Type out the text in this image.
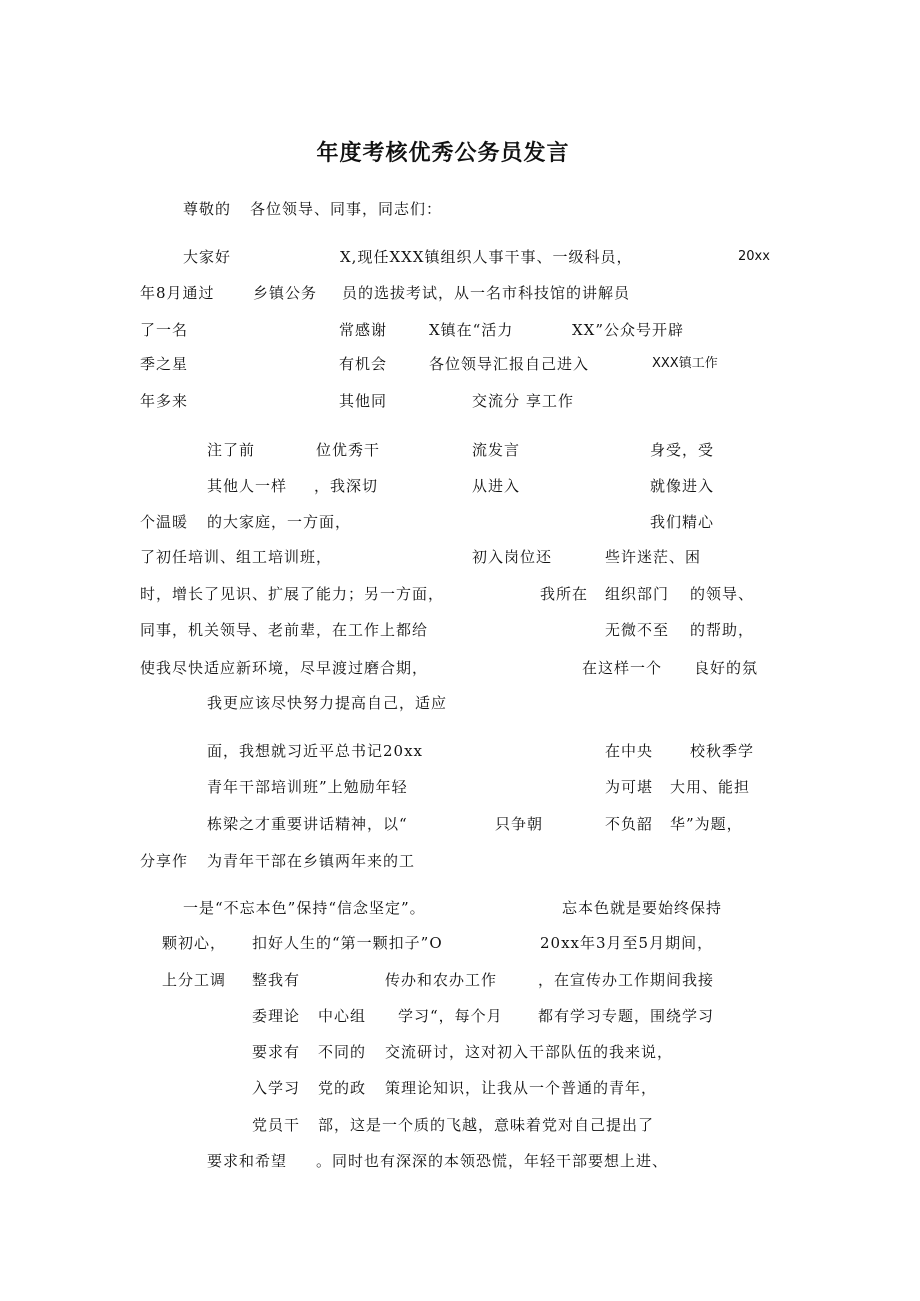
年度考核优秀公务员发言
尊敬的 各位领导、同事，同志们：
大家好	X,现任XXX镇组织人事干事、一级科员，	20xx
年8月通过	乡镇公务 员的选拔考试，从一名市科技馆的讲解员
了一名	常感谢	X镇在“活力	XX”公众号开辟
季之星	有机会	各位领导汇报自己进入	XXX镇工作
年多来	其他同	交流分 享工作
注了前	位优秀干	流发言	身受，受
其他人一样 ，我深切	从进入	就像进入
个温暖 的大家庭，一方面，	我们精心
了初任培训、组工培训班，	初入岗位还	些许迷茫、困
时，增长了见识、扩展了能力；另一方面，	我所在 组织部门 的领导、
同事，机关领导、老前辈，在工作上都给	无微不至 的帮助，
使我尽快适应新环境，尽早渡过磨合期，	在这样一个 良好的氛
我更应该尽快努力提高自己，适应
面，我想就习近平总书记20xx	在中央 校秋季学
青年干部培训班”上勉励年轻	为可堪 大用、能担
栋梁之才重要讲话精神，以“	只争朝	不负韶 华”为题，
分享作 为青年干部在乡镇两年来的工
一是“不忘本色”保持“信念坚定”。	忘本色就是要始终保持
颗初心， 扣好人生的“第一颗扣子”O	20xx年3月至5月期间，
上分工调 整我有	传办和农办工作	，在宣传办工作期间我接
委理论 中心组 学习“，每个月 都有学习专题，围绕学习
要求有 不同的 交流研讨，这对初入干部队伍的我来说，
入学习 党的政 策理论知识，让我从一个普通的青年，
党员干 部，这是一个质的飞越，意味着党对自己提出了
要求和希望 。同时也有深深的本领恐慌，年轻干部要想上进、
